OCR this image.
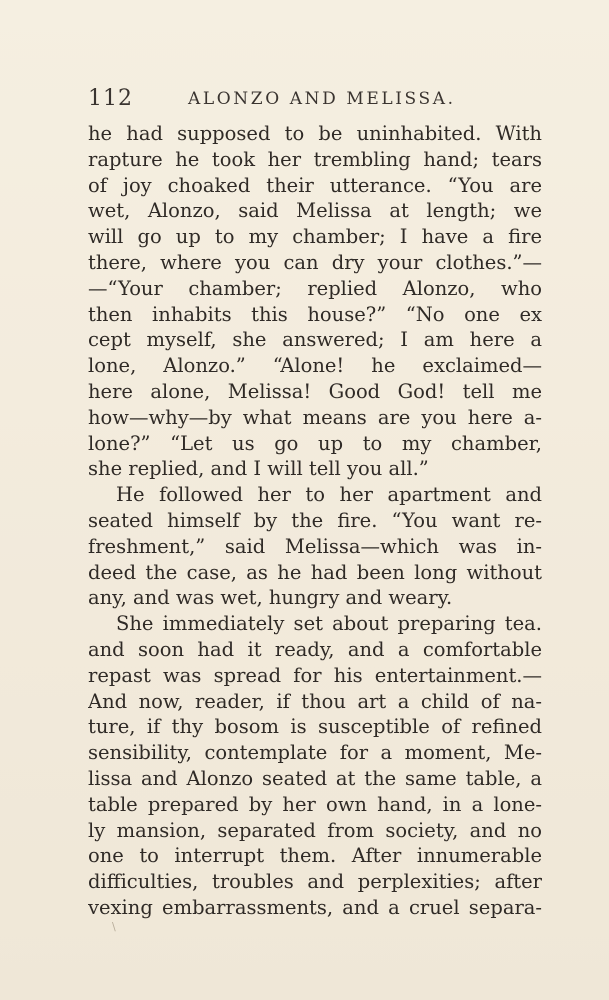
112	ALONZO AND MELISSA.
he had supposed to be uninhabited. With
rapture he took her trembling hand; tears
of joy choaked their utterance. “You are
wet, Alonzo, said Melissa at length; we
will go up to my chamber; I have a fire
there, where you can dry your clothes.”—
—“Your chamber; replied Alonzo, who
then inhabits this house?” “No one ex
cept myself, she answered; I am here a
lone, Alonzo.” “Alone! he exclaimed—
here alone, Melissa! Good God! tell me
how—why—by what means are you here a-
lone?” “Let us go up to my chamber,
she replied, and I will tell you all.”
He followed her to her apartment and
seated himself by the fire. “You want re-
freshment,” said Melissa—which was in-
deed the case, as he had been long without
any, and was wet, hungry and weary.
She immediately set about preparing tea.
and soon had it ready, and a comfortable
repast was spread for his entertainment.—
And now, reader, if thou art a child of na-
ture, if thy bosom is susceptible of refined
sensibility, contemplate for a moment, Me-
lissa and Alonzo seated at the same table, a
table prepared by her own hand, in a lone-
ly mansion, separated from society, and no
one to interrupt them. After innumerable
difficulties, troubles and perplexities; after
vexing embarrassments, and a cruel separa-
\
